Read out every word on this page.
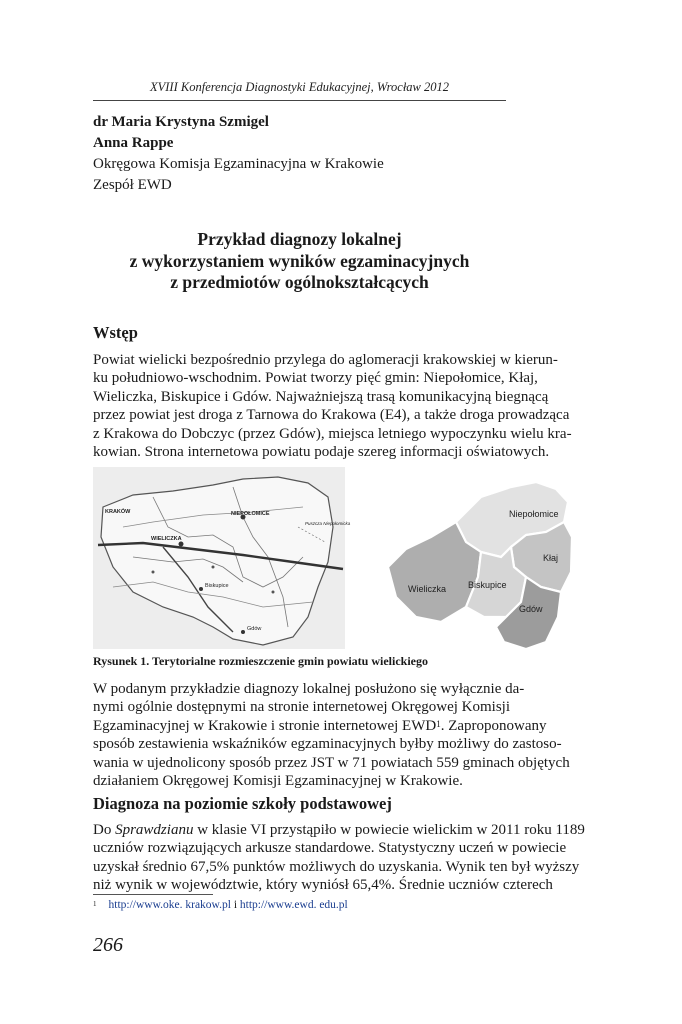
XVIII Konferencja Diagnostyki Edukacyjnej, Wrocław 2012
dr Maria Krystyna Szmigel
Anna Rappe
Okręgowa Komisja Egzaminacyjna w Krakowie
Zespół EWD
Przykład diagnozy lokalnej
z wykorzystaniem wyników egzaminacyjnych
z przedmiotów ogólnokształcących
Wstęp
Powiat wielicki bezpośrednio przylega do aglomeracji krakowskiej w kierun-
ku południowo-wschodnim. Powiat tworzy pięć gmin: Niepołomice, Kłaj,
Wieliczka, Biskupice i Gdów. Najważniejszą trasą komunikacyjną biegnącą
przez powiat jest droga z Tarnowa do Krakowa (E4), a także droga prowadząca
z Krakowa do Dobczyc (przez Gdów), miejsca letniego wypoczynku wielu kra-
kowian. Strona internetowa powiatu podaje szereg informacji oświatowych.
KRAKÓW	NIEPOŁOMICE
Puszcza Niepołomicka
WIELICZKA
Biskupice
Gdów
Niepołomice
Kłaj
Wieliczka Biskupice
Gdów
Rysunek 1. Terytorialne rozmieszczenie gmin powiatu wielickiego
W podanym przykładzie diagnozy lokalnej posłużono się wyłącznie da-
nymi ogólnie dostępnymi na stronie internetowej Okręgowej Komisji
Egzaminacyjnej w Krakowie i stronie internetowej EWD$^1$. Zaproponowany
sposób zestawienia wskaźników egzaminacyjnych byłby możliwy do zastoso-
wania w ujednolicony sposób przez JST w 71 powiatach 559 gminach objętych
działaniem Okręgowej Komisji Egzaminacyjnej w Krakowie.
Diagnoza na poziomie szkoły podstawowej
Do Sprawdzianu w klasie VI przystąpiło w powiecie wielickim w 2011 roku 1189
uczniów rozwiązujących arkusze standardowe. Statystyczny uczeń w powiecie
uzyskał średnio 67,5% punktów możliwych do uzyskania. Wynik ten był wyższy
niż wynik w województwie, który wyniósł 65,4%. Średnie uczniów czterech
$^1$ http://www.oke. krakow.pl i http://www.ewd. edu.pl
266
